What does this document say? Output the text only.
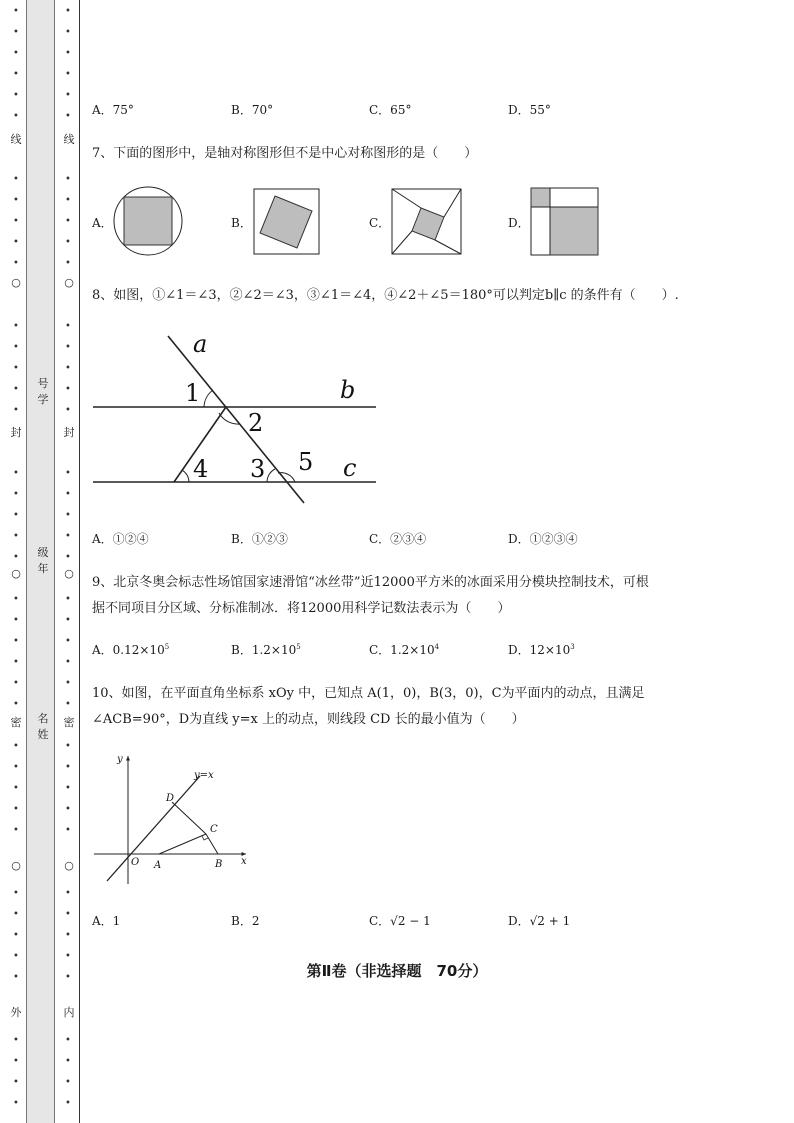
•
•
•
•
•
•
•
•
•
•
•
•
•
•
•
•
•
•
•
•
•
•
•
•
•
•
•
•
•
•
•
•
•
•
•
•
•
•
•
•
•
•
•
•
•
•
•
•
•
•
•
•
•
•
•
•
•
•
•
•
•
•
•
•
•
•
•
•
•
•
•
•
•
•
•
•
•
•
•
•
•
•
线
封
密
外
○
○
○
线
封
密
内
○
○
○
号学
级年
名姓
A．75°	B．70°	C．65°	D．55°
7、下面的图形中，是轴对称图形但不是中心对称图形的是（　　）
A．	B．	C．	D．
8、如图，①∠1＝∠3，②∠2＝∠3，③∠1＝∠4，④∠2＋∠5＝180°可以判定b∥c 的条件有（　　）.
a
b
c
1
2
3
4	5
A．①②④	B．①②③	C．②③④	D．①②③④
9、北京冬奥会标志性场馆国家速滑馆“冰丝带”近12000平方米的冰面采用分模块控制技术，可根
据不同项目分区域、分标准制冰．将12000用科学记数法表示为（　　）
A．$0.12\times 10^5$	B．$1.2\times 10^5$	C．$1.2\times 10^4$	D．$12\times 10^3$
10、如图，在平面直角坐标系 xOy 中，已知点 A(1，0)，B(3，0)，C为平面内的动点，且满足
∠ACB=90°，D为直线 y=x 上的动点，则线段 CD 长的最小值为（　　）
y
x
y=x
O A	B
C
D
A．1	B．2	C．√2 − 1	D．√2 + 1
第Ⅱ卷（非选择题　70分）
